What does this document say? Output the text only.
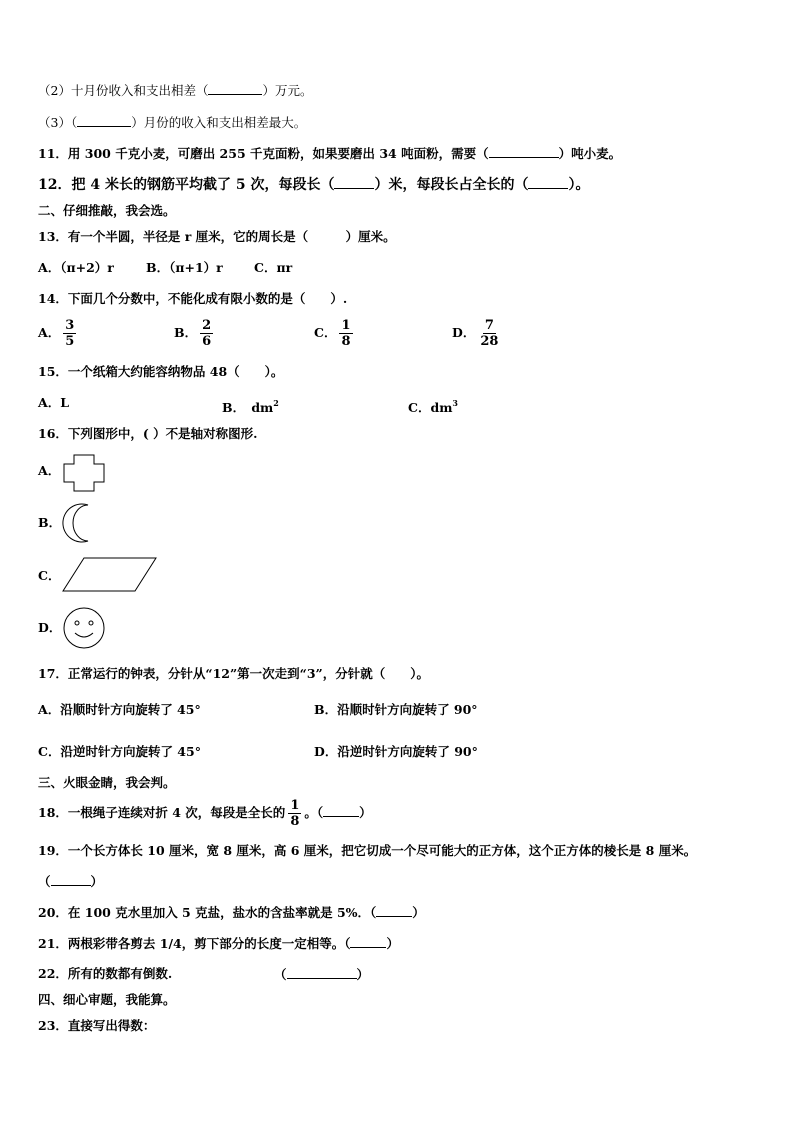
（2）十月份收入和支出相差（	）万元。
（3）（	）月份的收入和支出相差最大。
11．用 300 千克小麦，可磨出 255 千克面粉，如果要磨出 34 吨面粉，需要（	）吨小麦。
12．把 4 米长的钢筋平均截了 5 次，每段长（	）米，每段长占全长的（	）。
二、仔细推敲，我会选。
13．有一个半圆，半径是 r 厘米，它的周长是（　　　）厘米。
A．（π+2）r	B．（π+1）r	C．πr
14．下面几个分数中，不能化成有限小数的是（　　）.
A． $\frac{3}{5}$	B． $\frac{2}{6}$	C． $\frac{1}{8}$	D． $\frac{7}{28}$
15．一个纸箱大约能容纳物品 48（　　）。
A．L	B．　$dm^2$	C．$dm^3$
16．下列图形中，( ）不是轴对称图形.
A．
B．
C．
D．
17．正常运行的钟表，分针从“12”第一次走到“3”，分针就（　　）。
A．沿顺时针方向旋转了 45°	B．沿顺时针方向旋转了 90°
C．沿逆时针方向旋转了 45°	D．沿逆时针方向旋转了 90°
三、火眼金睛，我会判。
18．一根绳子连续对折 4 次，每段是全长的 $\frac{1}{8}$ 。（	）
19．一个长方体长 10 厘米，宽 8 厘米，高 6 厘米，把它切成一个尽可能大的正方体，这个正方体的棱长是 8 厘米。
（	）
20．在 100 克水里加入 5 克盐，盐水的含盐率就是 5%．（	）
21．两根彩带各剪去 1/4，剪下部分的长度一定相等。（	）
22．所有的数都有倒数.	（	）
四、细心审题，我能算。
23．直接写出得数：
